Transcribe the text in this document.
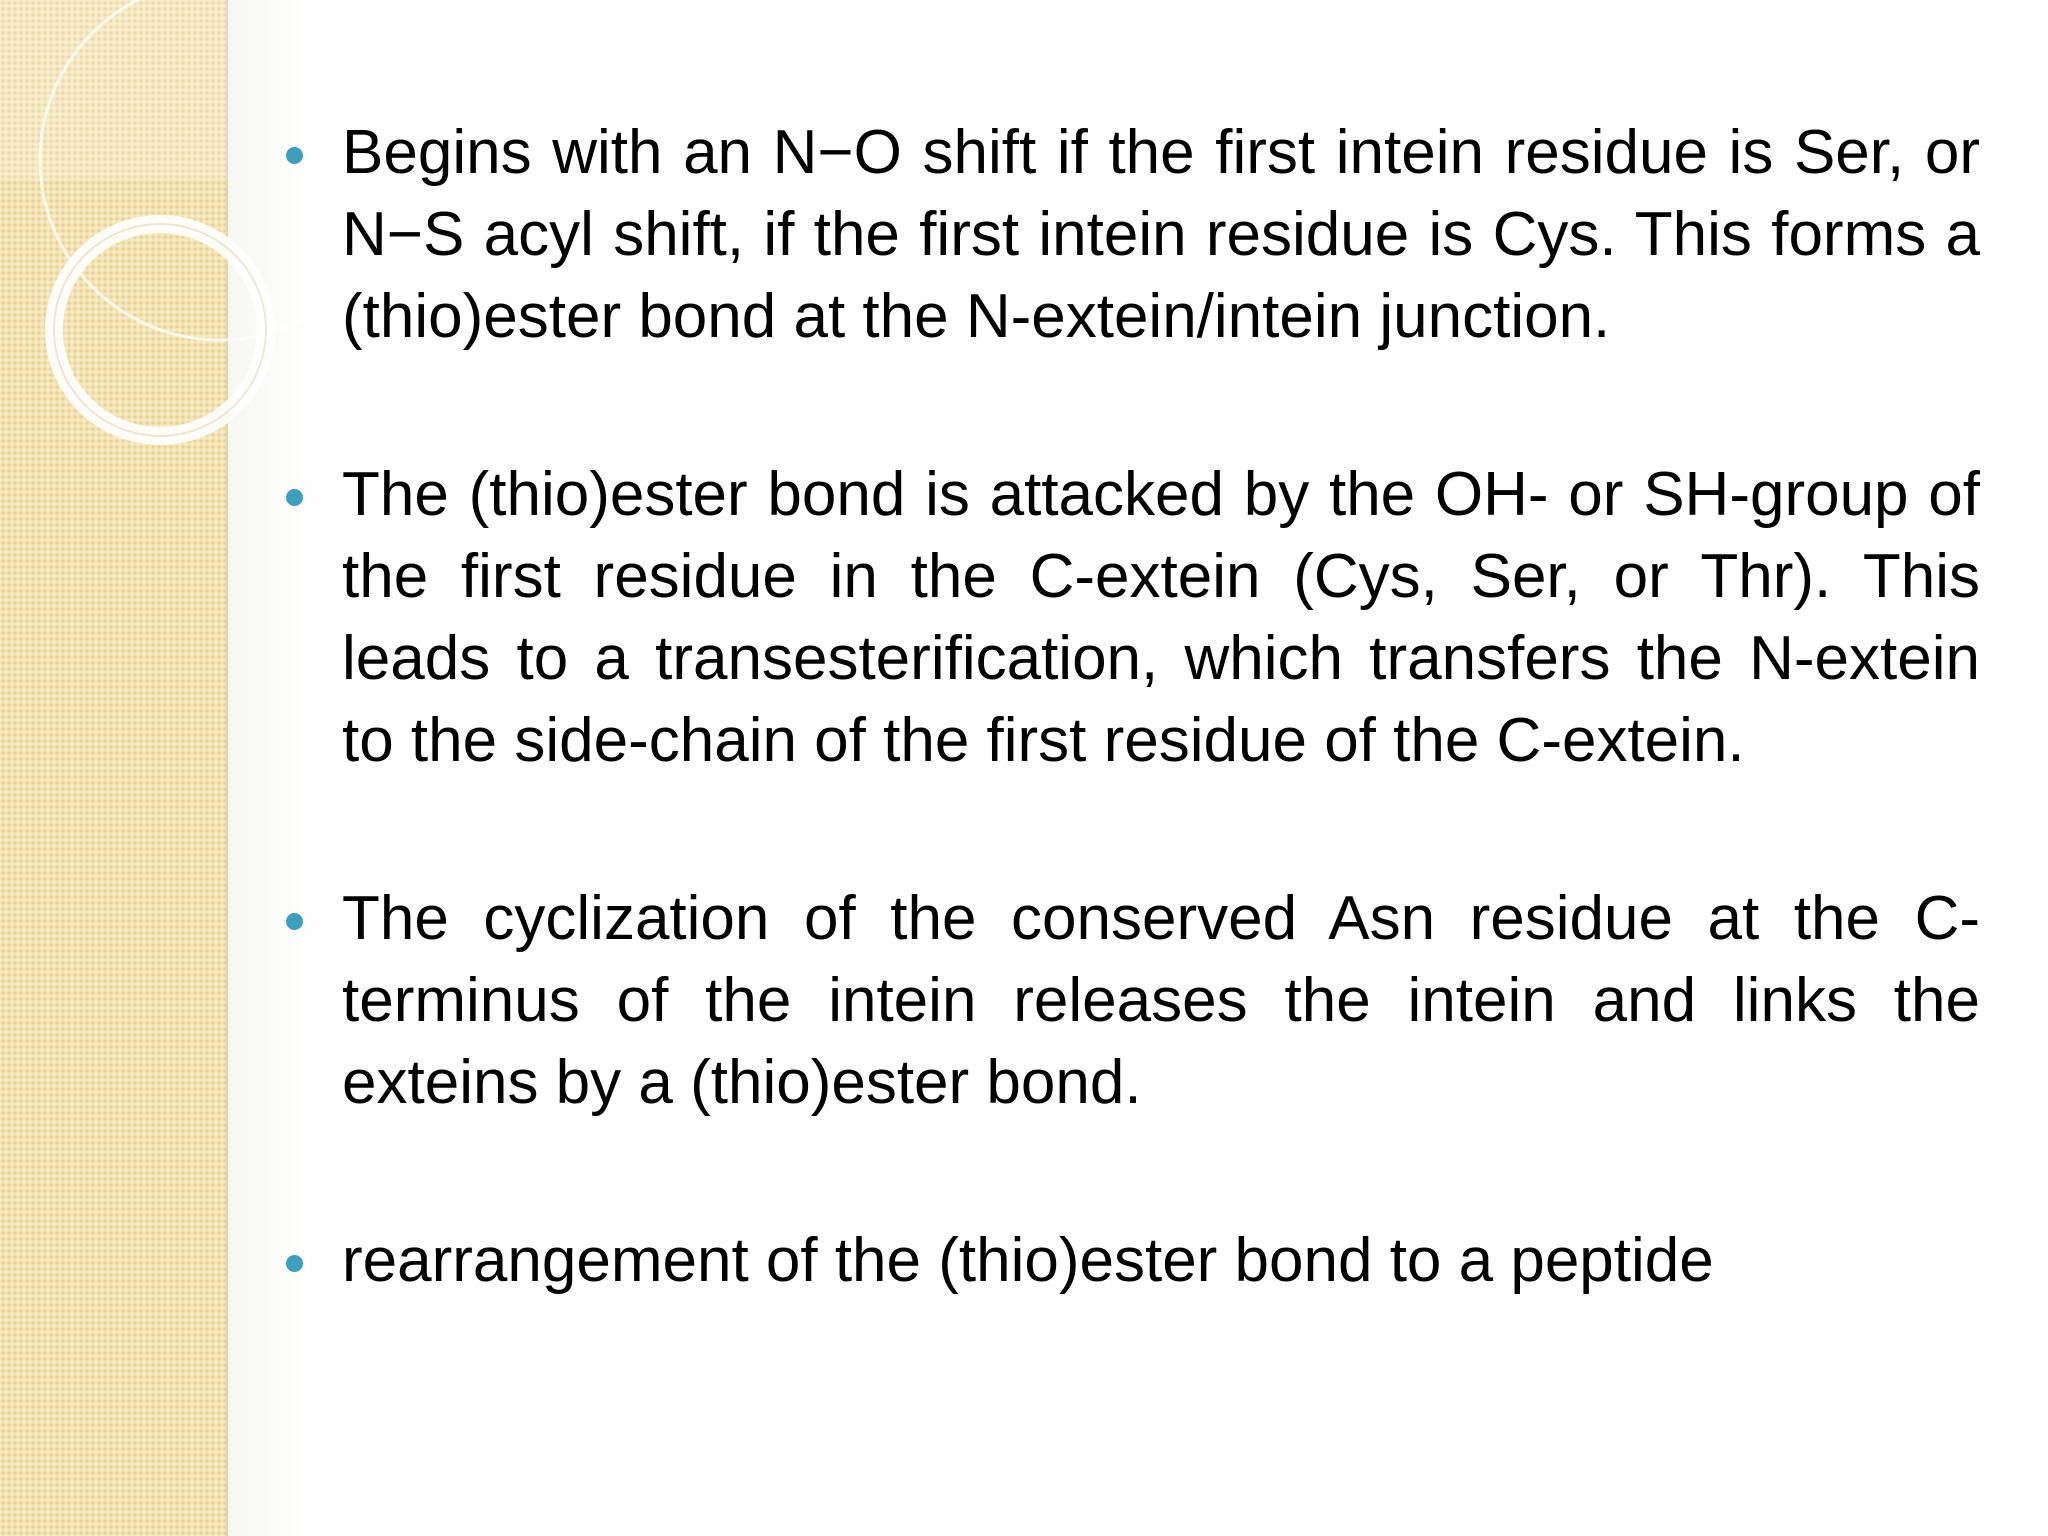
Begins with an N−O shift if the first intein residue is Ser, or N−S acyl shift, if the first intein residue is Cys. This forms a (thio)ester bond at the N-extein/intein junction.

The (thio)ester bond is attacked by the OH- or SH-group of the first residue in the C-extein (Cys, Ser, or Thr). This leads to a transesterification, which transfers the N-extein to the side-chain of the first residue of the C-extein.

The cyclization of the conserved Asn residue at the C-terminus of the intein releases the intein and links the exteins by a (thio)ester bond.

rearrangement of the (thio)ester bond to a peptide
